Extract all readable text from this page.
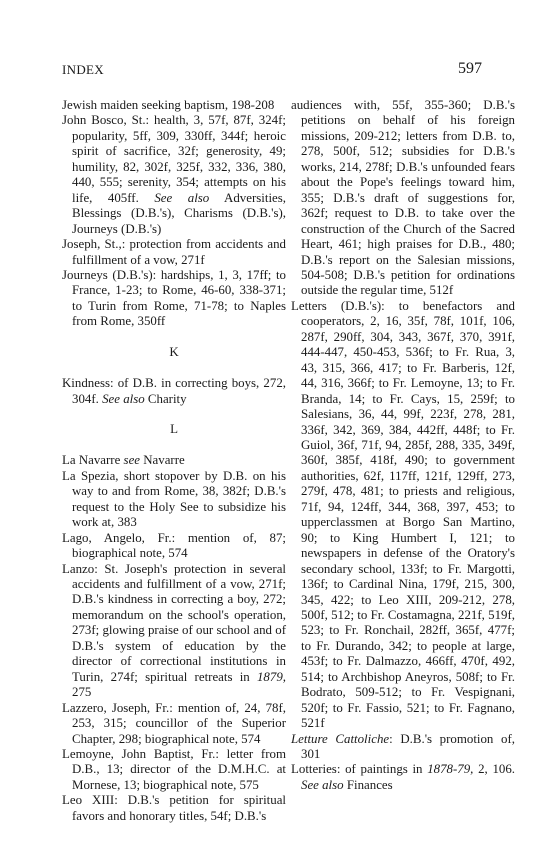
INDEX	597

Jewish maiden seeking baptism, 198-208

John Bosco, St.: health, 3, 57f, 87f, 324f; popularity, 5ff, 309, 330ff, 344f; heroic spirit of sacrifice, 32f; generosity, 49; humility, 82, 302f, 325f, 332, 336, 380, 440, 555; serenity, 354; attempts on his life, 405ff. See also Adversities, Blessings (D.B.'s), Charisms (D.B.'s), Journeys (D.B.'s)

Joseph, St.,: protection from accidents and fulfillment of a vow, 271f

Journeys (D.B.'s): hardships, 1, 3, 17ff; to France, 1-23; to Rome, 46-60, 338-371; to Turin from Rome, 71-78; to Naples from Rome, 350ff

K

Kindness: of D.B. in correcting boys, 272, 304f. See also Charity

L

La Navarre see Navarre

La Spezia, short stopover by D.B. on his way to and from Rome, 38, 382f; D.B.'s request to the Holy See to subsidize his work at, 383

Lago, Angelo, Fr.: mention of, 87; biographical note, 574

Lanzo: St. Joseph's protection in several accidents and fulfillment of a vow, 271f; D.B.'s kindness in correcting a boy, 272; memorandum on the school's operation, 273f; glowing praise of our school and of D.B.'s system of education by the director of correctional institutions in Turin, 274f; spiritual retreats in 1879, 275

Lazzero, Joseph, Fr.: mention of, 24, 78f, 253, 315; councillor of the Superior Chapter, 298; biographical note, 574

Lemoyne, John Baptist, Fr.: letter from D.B., 13; director of the D.M.H.C. at Mornese, 13; biographical note, 575

Leo XIII: D.B.'s petition for spiritual favors and honorary titles, 54f; D.B.'s

audiences with, 55f, 355-360; D.B.'s petitions on behalf of his foreign missions, 209-212; letters from D.B. to, 278, 500f, 512; subsidies for D.B.'s works, 214, 278f; D.B.'s unfounded fears about the Pope's feelings toward him, 355; D.B.'s draft of suggestions for, 362f; request to D.B. to take over the construction of the Church of the Sacred Heart, 461; high praises for D.B., 480; D.B.'s report on the Salesian missions, 504-508; D.B.'s petition for ordinations outside the regular time, 512f

Letters (D.B.'s): to benefactors and cooperators, 2, 16, 35f, 78f, 101f, 106, 287f, 290ff, 304, 343, 367f, 370, 391f, 444-447, 450-453, 536f; to Fr. Rua, 3, 43, 315, 366, 417; to Fr. Barberis, 12f, 44, 316, 366f; to Fr. Lemoyne, 13; to Fr. Branda, 14; to Fr. Cays, 15, 259f; to Salesians, 36, 44, 99f, 223f, 278, 281, 336f, 342, 369, 384, 442ff, 448f; to Fr. Guiol, 36f, 71f, 94, 285f, 288, 335, 349f, 360f, 385f, 418f, 490; to government authorities, 62f, 117ff, 121f, 129ff, 273, 279f, 478, 481; to priests and religious, 71f, 94, 124ff, 344, 368, 397, 453; to upperclassmen at Borgo San Martino, 90; to King Humbert I, 121; to newspapers in defense of the Oratory's secondary school, 133f; to Fr. Margotti, 136f; to Cardinal Nina, 179f, 215, 300, 345, 422; to Leo XIII, 209-212, 278, 500f, 512; to Fr. Costamagna, 221f, 519f, 523; to Fr. Ronchail, 282ff, 365f, 477f; to Fr. Durando, 342; to people at large, 453f; to Fr. Dalmazzo, 466ff, 470f, 492, 514; to Archbishop Aneyros, 508f; to Fr. Bodrato, 509-512; to Fr. Vespignani, 520f; to Fr. Fassio, 521; to Fr. Fagnano, 521f

Letture Cattoliche: D.B.'s promotion of, 301

Lotteries: of paintings in 1878-79, 2, 106. See also Finances
